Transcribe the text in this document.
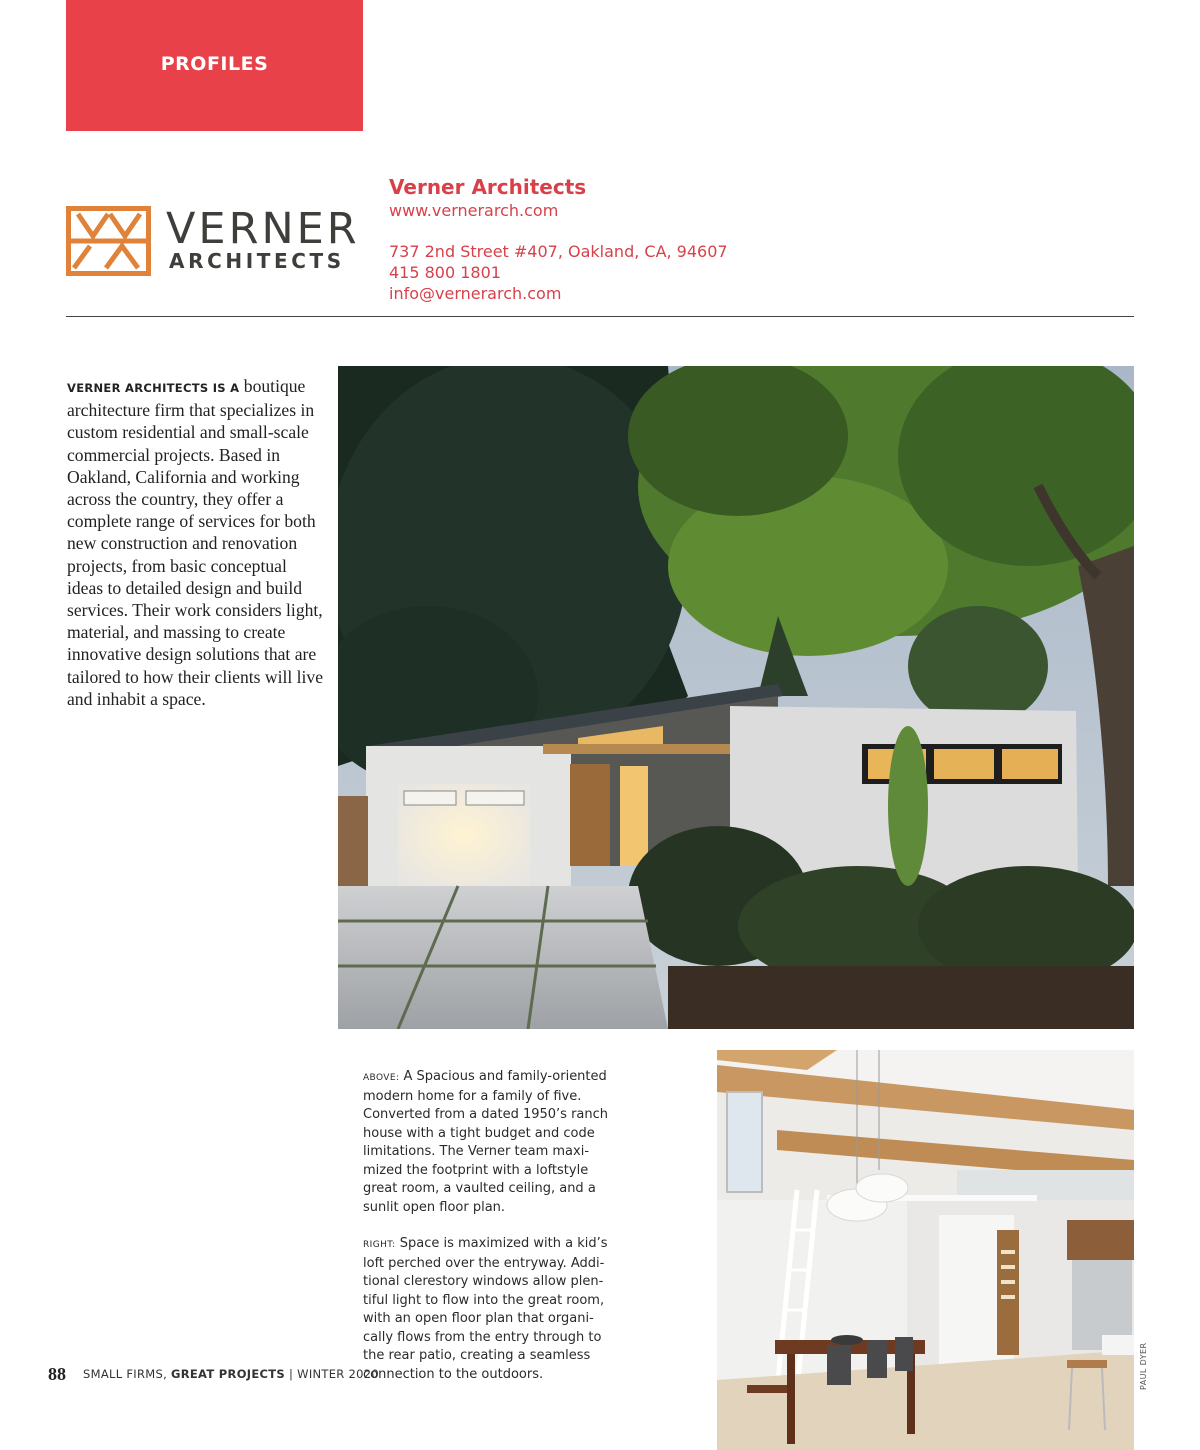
PROFILES
VERNER
ARCHITECTS
Verner Architects
www.vernerarch.com
737 2nd Street #407, Oakland, CA, 94607
415 800 1801
info@vernerarch.com

VERNER ARCHITECTS IS A boutique architecture firm that specializes in custom residential and small-scale commercial projects. Based in Oakland, California and working across the country, they offer a complete range of services for both new construction and renovation projects, from basic conceptual ideas to detailed design and build services. Their work considers light, material, and massing to create innovative design solutions that are tailored to how their clients will live and inhabit a space.

ABOVE: A Spacious and family-oriented modern home for a family of five. Converted from a dated 1950’s ranch house with a tight budget and code limitations. The Verner team maximized the footprint with a loftstyle great room, a vaulted ceiling, and a sunlit open floor plan.

RIGHT: Space is maximized with a kid’s loft perched over the entryway. Additional clerestory windows allow plentiful light to flow into the great room, with an open floor plan that organically flows from the entry through to the rear patio, creating a seamless connection to the outdoors.	PAUL DYER
88 SMALL FIRMS, GREAT PROJECTS | WINTER 2020
